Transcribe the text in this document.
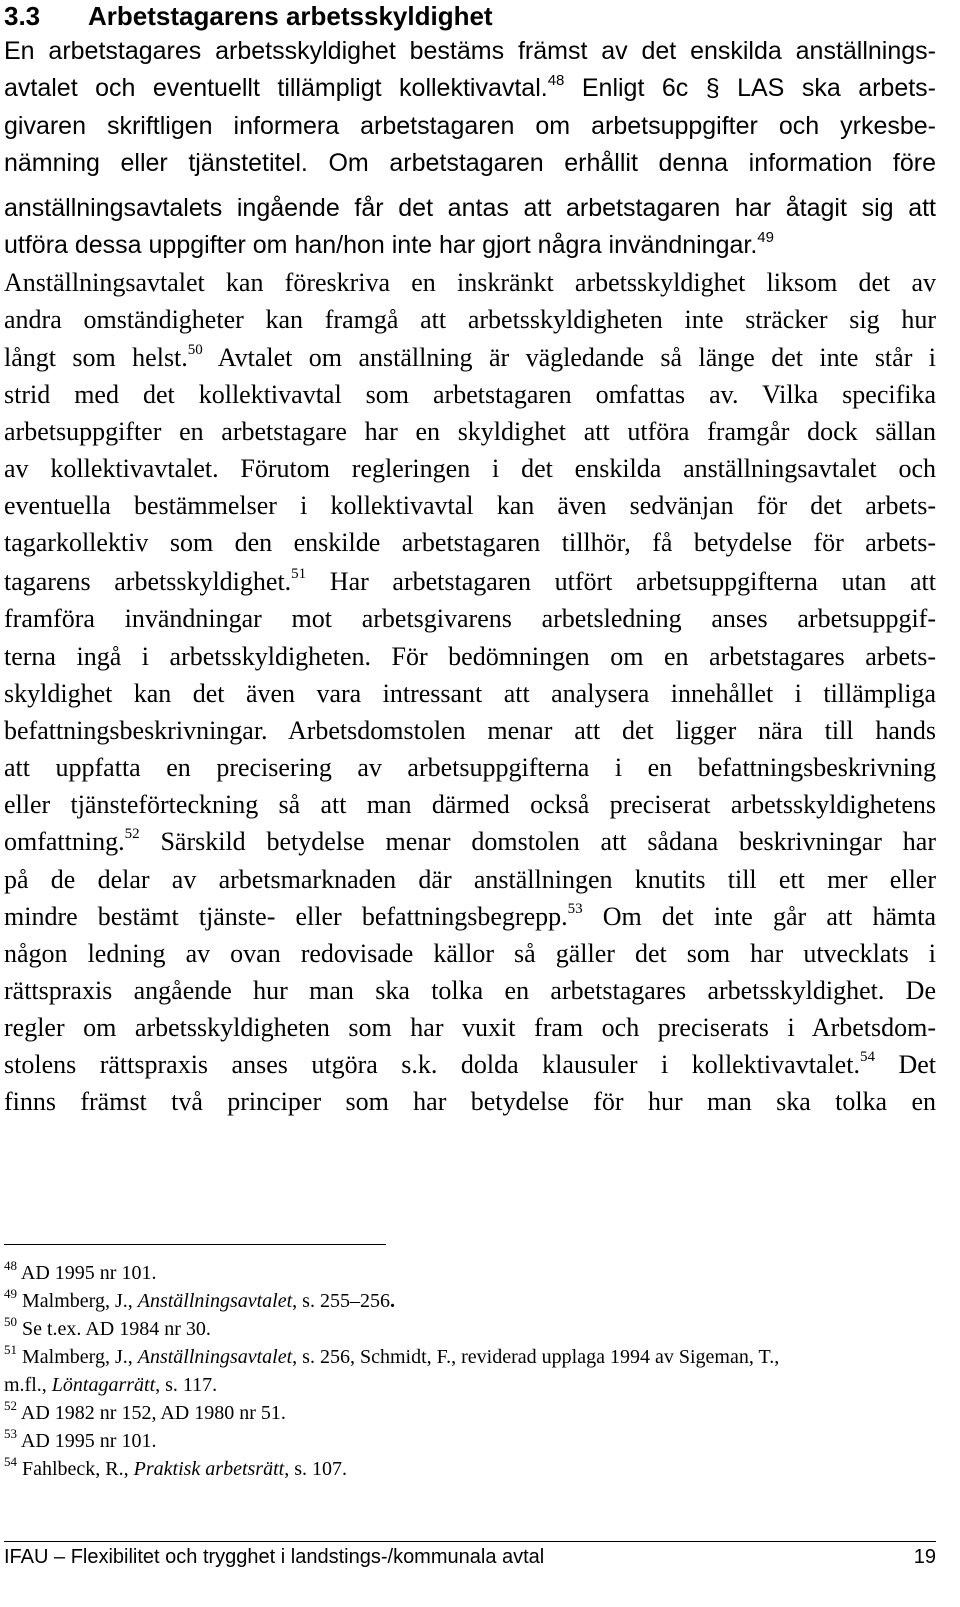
3.3 Arbetstagarens arbetsskyldighet
En arbetstagares arbetsskyldighet bestäms främst av det enskilda anställnings-
avtalet och eventuellt tillämpligt kollektivavtal.$^{48}$ Enligt 6c § LAS ska arbets-
givaren skriftligen informera arbetstagaren om arbetsuppgifter och yrkesbe-
nämning eller tjänstetitel. Om arbetstagaren erhållit denna information före
anställningsavtalets ingående får det antas att arbetstagaren har åtagit sig att
utföra dessa uppgifter om han/hon inte har gjort några invändningar.$^{49}$
Anställningsavtalet kan föreskriva en inskränkt arbetsskyldighet liksom det av
andra omständigheter kan framgå att arbetsskyldigheten inte sträcker sig hur
långt som helst.$^{50}$ Avtalet om anställning är vägledande så länge det inte står i
strid med det kollektivavtal som arbetstagaren omfattas av. Vilka specifika
arbetsuppgifter en arbetstagare har en skyldighet att utföra framgår dock sällan
av kollektivavtalet. Förutom regleringen i det enskilda anställningsavtalet och
eventuella bestämmelser i kollektivavtal kan även sedvänjan för det arbets-
tagarkollektiv som den enskilde arbetstagaren tillhör, få betydelse för arbets-
tagarens arbetsskyldighet.$^{51}$ Har arbetstagaren utfört arbetsuppgifterna utan att
framföra invändningar mot arbetsgivarens arbetsledning anses arbetsuppgif-
terna ingå i arbetsskyldigheten. För bedömningen om en arbetstagares arbets-
skyldighet kan det även vara intressant att analysera innehållet i tillämpliga
befattningsbeskrivningar. Arbetsdomstolen menar att det ligger nära till hands
att uppfatta en precisering av arbetsuppgifterna i en befattningsbeskrivning
eller tjänsteförteckning så att man därmed också preciserat arbetsskyldighetens
omfattning.$^{52}$ Särskild betydelse menar domstolen att sådana beskrivningar har
på de delar av arbetsmarknaden där anställningen knutits till ett mer eller
mindre bestämt tjänste- eller befattningsbegrepp.$^{53}$ Om det inte går att hämta
någon ledning av ovan redovisade källor så gäller det som har utvecklats i
rättspraxis angående hur man ska tolka en arbetstagares arbetsskyldighet. De
regler om arbetsskyldigheten som har vuxit fram och preciserats i Arbetsdom-
stolens rättspraxis anses utgöra s.k. dolda klausuler i kollektivavtalet.$^{54}$ Det
finns främst två principer som har betydelse för hur man ska tolka en
$^{48}$ AD 1995 nr 101.
$^{49}$ Malmberg, J., Anställningsavtalet, s. 255–256.
$^{50}$ Se t.ex. AD 1984 nr 30.
$^{51}$ Malmberg, J., Anställningsavtalet, s. 256, Schmidt, F., reviderad upplaga 1994 av Sigeman, T.,
m.fl., Löntagarrätt, s. 117.
$^{52}$ AD 1982 nr 152, AD 1980 nr 51.
$^{53}$ AD 1995 nr 101.
$^{54}$ Fahlbeck, R., Praktisk arbetsrätt, s. 107.
IFAU – Flexibilitet och trygghet i landstings-/kommunala avtal	19
